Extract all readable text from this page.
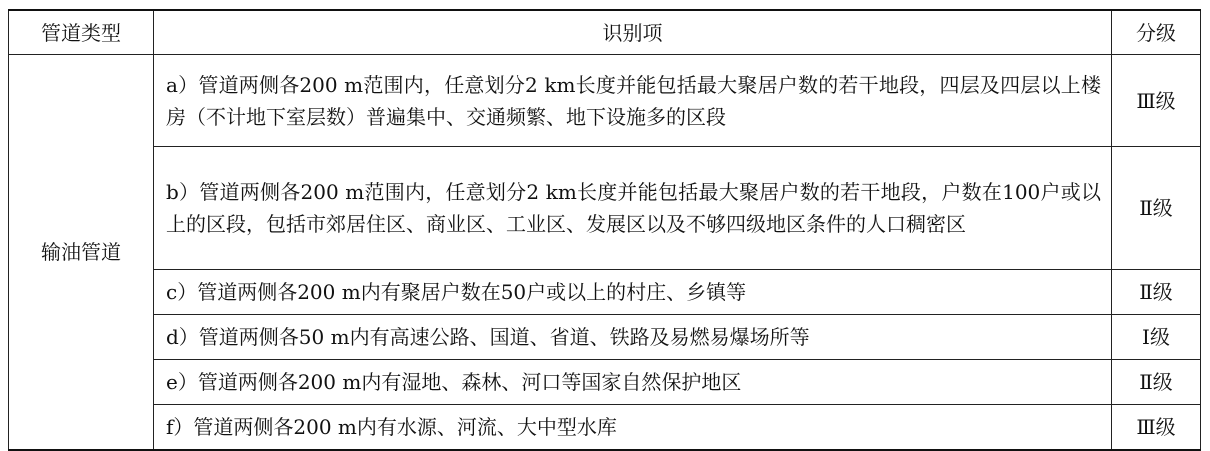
管道类型	识别项	分级
输油管道	a）管道两侧各200 m范围内，任意划分2 km长度并能包括最大聚居户数的若干地段，四层及四层以上楼房（不计地下室层数）普遍集中、交通频繁、地下设施多的区段	Ⅲ级
	b）管道两侧各200 m范围内，任意划分2 km长度并能包括最大聚居户数的若干地段，户数在100户或以上的区段，包括市郊居住区、商业区、工业区、发展区以及不够四级地区条件的人口稠密区	Ⅱ级
	c）管道两侧各200 m内有聚居户数在50户或以上的村庄、乡镇等	Ⅱ级
	d）管道两侧各50 m内有高速公路、国道、省道、铁路及易燃易爆场所等	Ⅰ级
	e）管道两侧各200 m内有湿地、森林、河口等国家自然保护地区	Ⅱ级
	f）管道两侧各200 m内有水源、河流、大中型水库	Ⅲ级
